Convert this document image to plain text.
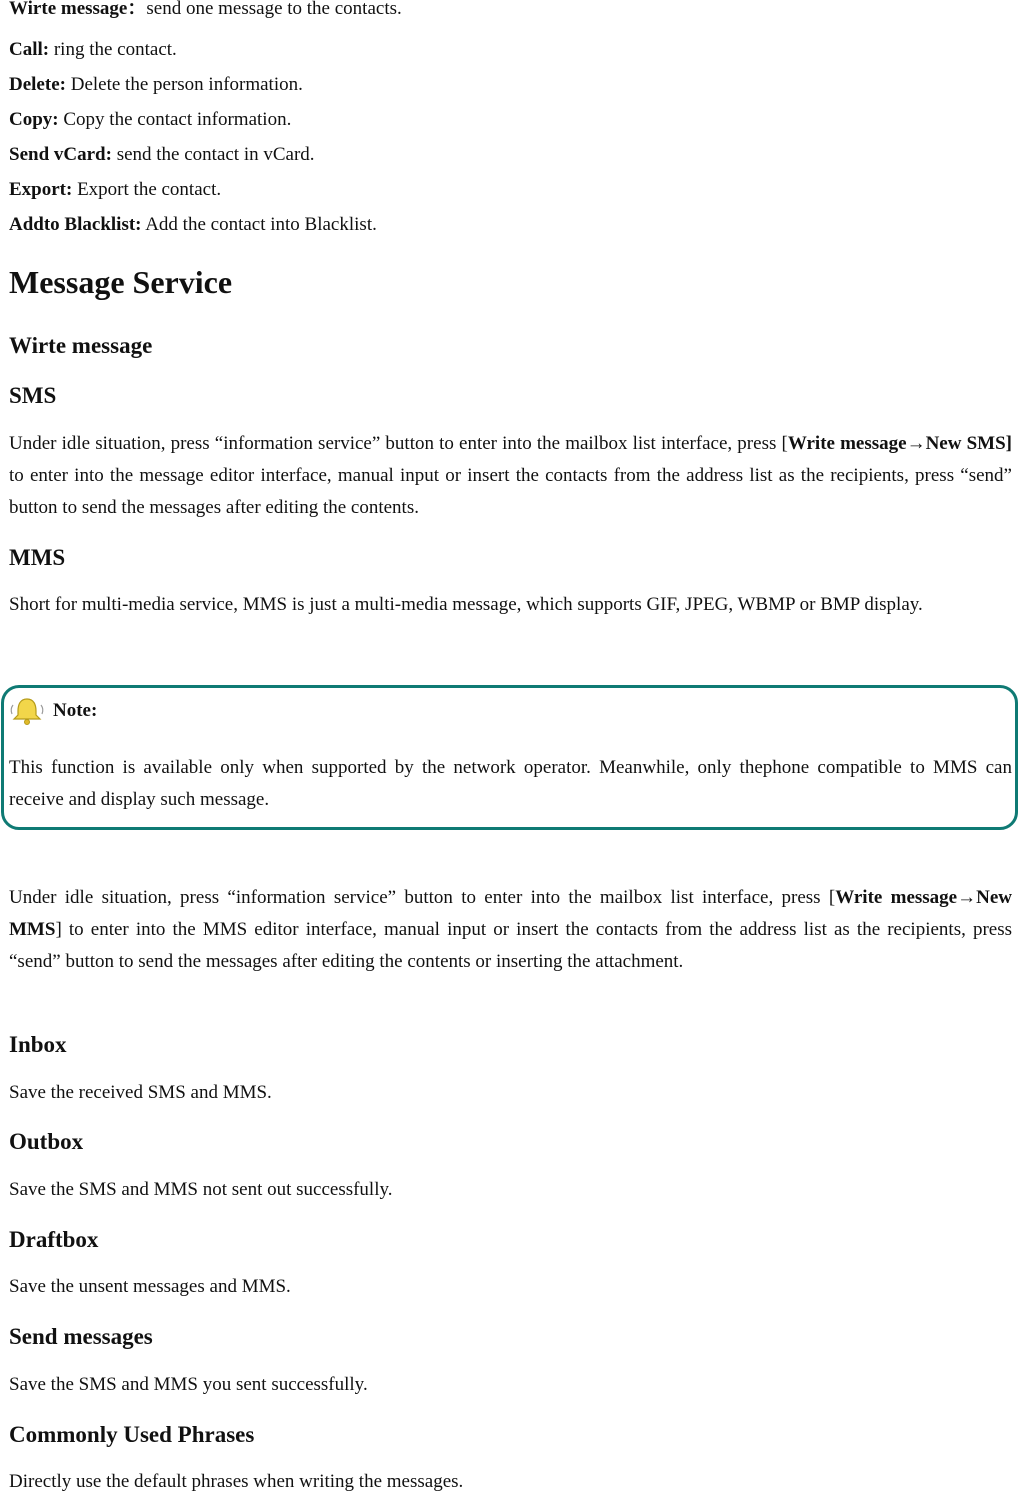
Wirte message：send one message to the contacts.
Call: ring the contact.
Delete: Delete the person information.
Copy: Copy the contact information.
Send vCard: send the contact in vCard.
Export: Export the contact.
Addto Blacklist: Add the contact into Blacklist.
Message Service
Wirte message
SMS
Under idle situation, press “information service” button to enter into the mailbox list interface, press [Write message→New SMS] to enter into the message editor interface, manual input or insert the contacts from the address list as the recipients, press “send” button to send the messages after editing the contents.
MMS
Short for multi-media service, MMS is just a multi-media message, which supports GIF, JPEG, WBMP or BMP display.
Note:
This function is available only when supported by the network operator. Meanwhile, only thephone compatible to MMS can receive and display such message.
Under idle situation, press “information service” button to enter into the mailbox list interface, press [Write message→New MMS] to enter into the MMS editor interface, manual input or insert the contacts from the address list as the recipients, press “send” button to send the messages after editing the contents or inserting the attachment.
Inbox
Save the received SMS and MMS.
Outbox
Save the SMS and MMS not sent out successfully.
Draftbox
Save the unsent messages and MMS.
Send messages
Save the SMS and MMS you sent successfully.
Commonly Used Phrases
Directly use the default phrases when writing the messages.
